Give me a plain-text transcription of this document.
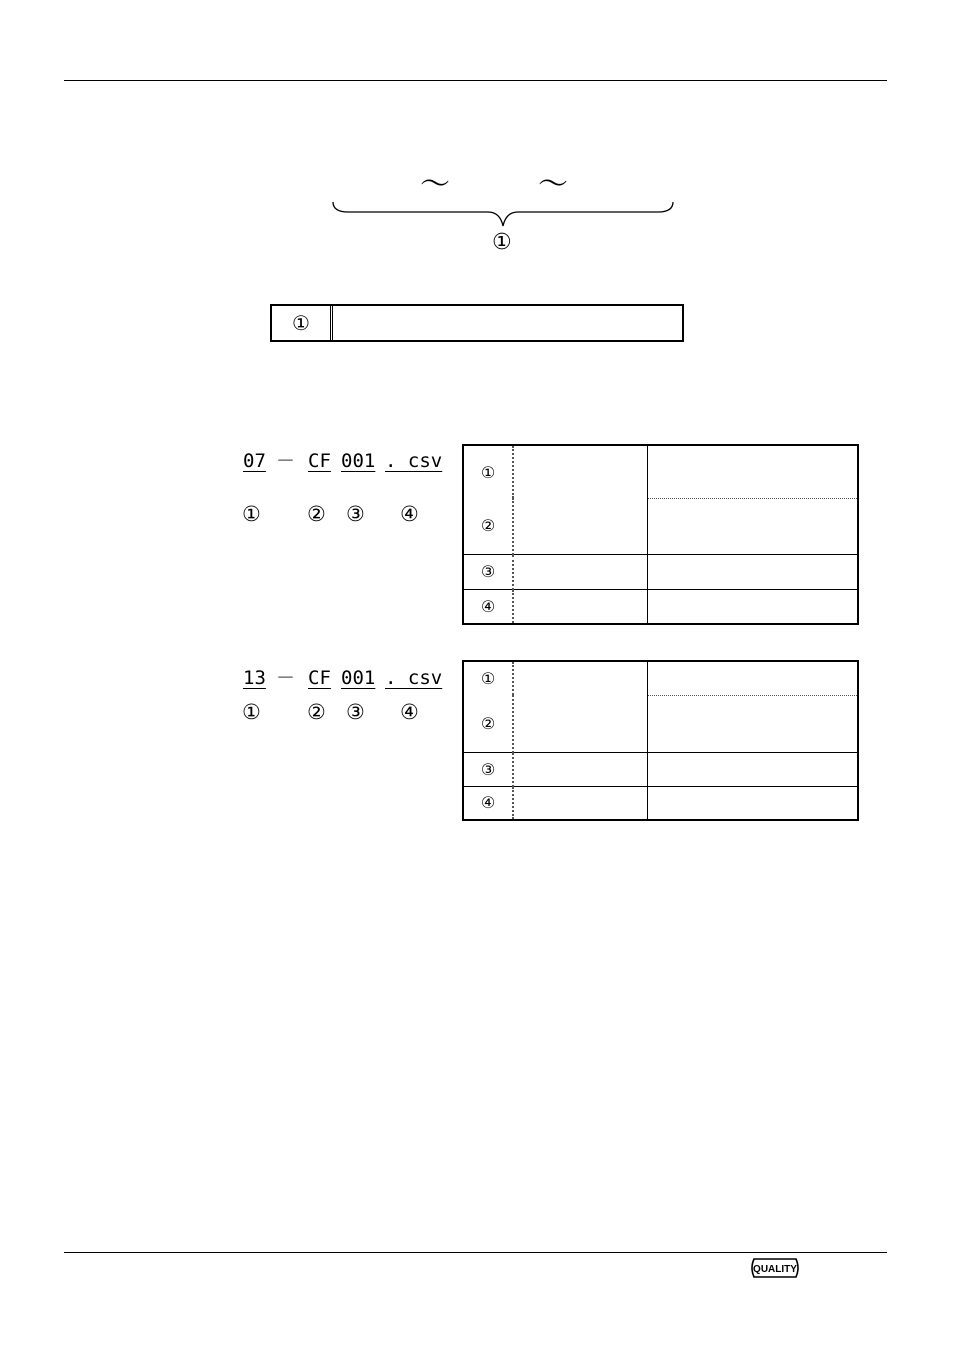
～	～
①
①
07 － CF 001 . csv
① ② ③ ④
①		
②		
③		
④		
13 － CF 001 . csv
① ② ③ ④
①		
②		
③		
④		
QUALITY
